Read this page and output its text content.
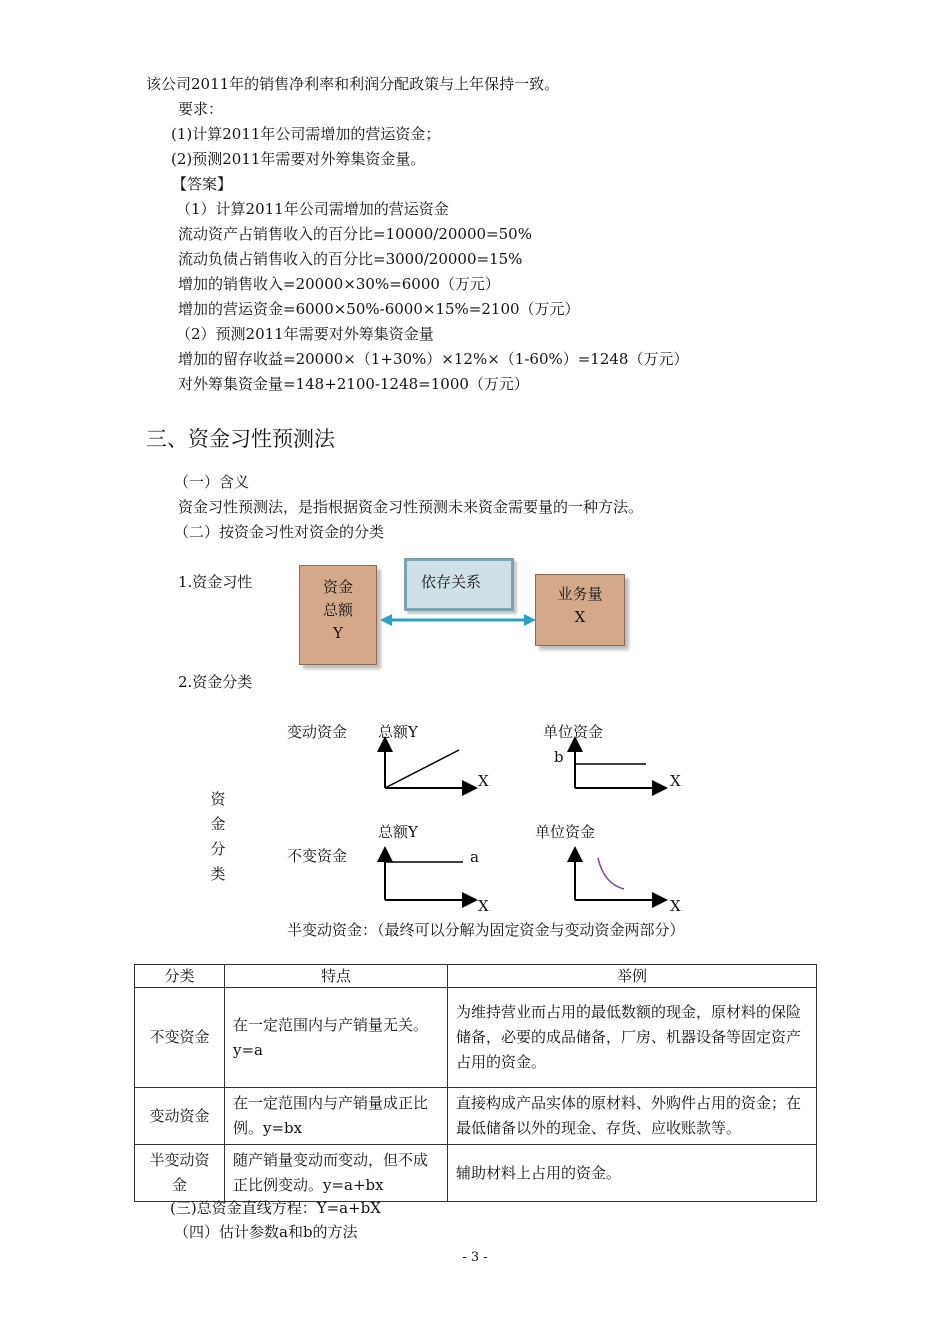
该公司2011年的销售净利率和利润分配政策与上年保持一致。
要求：
(1)计算2011年公司需增加的营运资金；
(2)预测2011年需要对外筹集资金量。
【答案】
（1）计算2011年公司需增加的营运资金
流动资产占销售收入的百分比=10000/20000=50%
流动负债占销售收入的百分比=3000/20000=15%
增加的销售收入=20000×30%=6000（万元）
增加的营运资金=6000×50%-6000×15%=2100（万元）
（2）预测2011年需要对外筹集资金量
增加的留存收益=20000×（1+30%）×12%×（1-60%）=1248（万元）
对外筹集资金量=148+2100-1248=1000（万元）
三、资金习性预测法
（一）含义
资金习性预测法，是指根据资金习性预测未来资金需要量的一种方法。
（二）按资金习性对资金的分类
1.资金习性	资金
总额
Y
依存关系
业务量
X
2.资金分类
资金分类
变动资金 总额Y	单位资金
b
X	X
总额Y	单位资金
不变资金	a
X	X
半变动资金：（最终可以分解为固定资金与变动资金两部分）
分类	特点	举例
不变资金	在一定范围内与产销量无关。y=a	为维持营业而占用的最低数额的现金，原材料的保险储备，必要的成品储备，厂房、机器设备等固定资产占用的资金。
变动资金	在一定范围内与产销量成正比例。y=bx	直接构成产品实体的原材料、外购件占用的资金；在最低储备以外的现金、存货、应收账款等。
半变动资金	随产销量变动而变动，但不成正比例变动。y=a+bx	辅助材料上占用的资金。
(三)总资金直线方程：Y=a+bX
（四）估计参数a和b的方法
- 3 -
